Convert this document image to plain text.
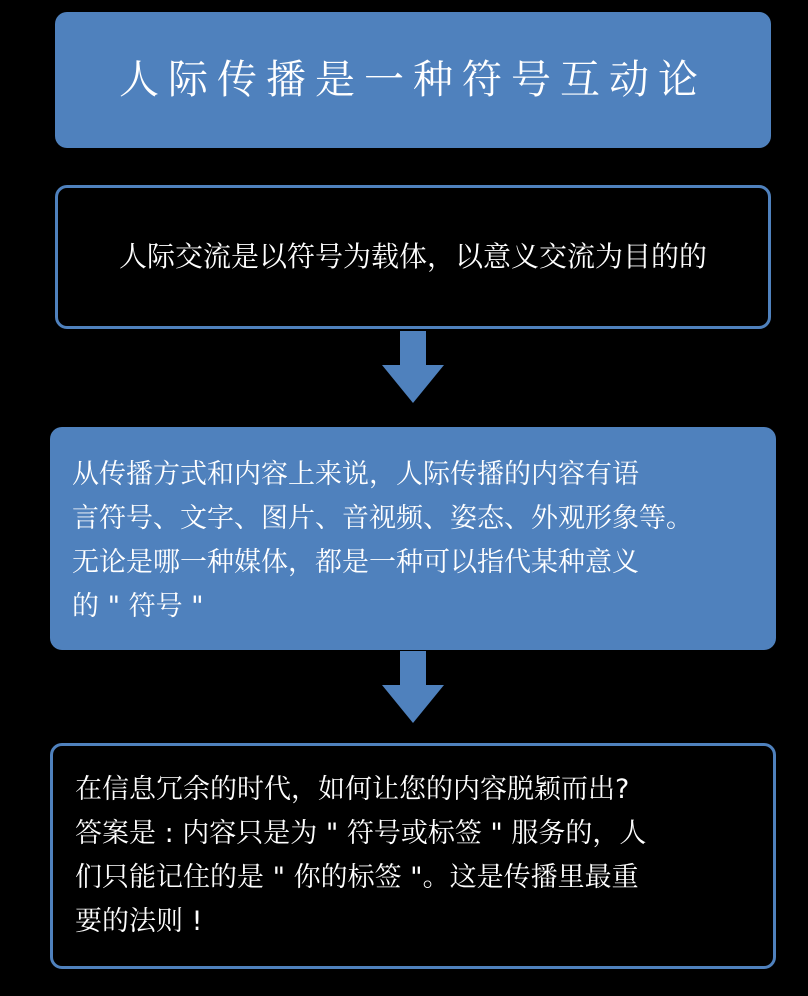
人际传播是一种符号互动论
人际交流是以符号为载体，以意义交流为目的的

从传播方式和内容上来说，人际传播的内容有语

言符号、文字、图片、音视频、姿态、外观形象等。

无论是哪一种媒体，都是一种可以指代某种意义

的 " 符号 "

在信息冗余的时代，如何让您的内容脱颖而出?

答案是 : 内容只是为 " 符号或标签 " 服务的，人

们只能记住的是 " 你的标签 "。这是传播里最重

要的法则 !
